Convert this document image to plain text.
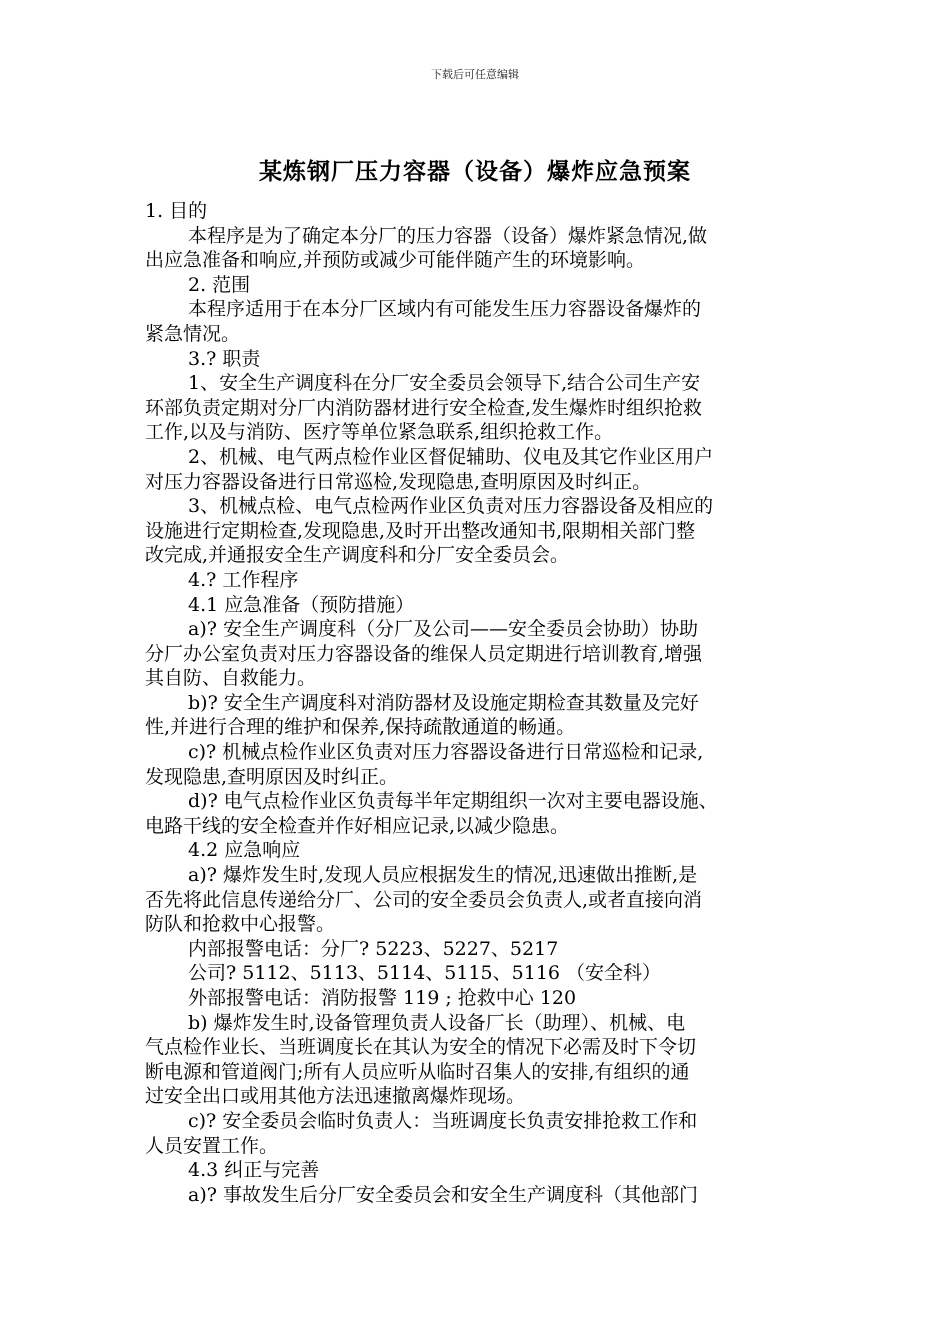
下载后可任意编辑
某炼钢厂压力容器（设备）爆炸应急预案

1. 目的

本程序是为了确定本分厂的压力容器（设备）爆炸紧急情况,做

出应急准备和响应,并预防或减少可能伴随产生的环境影响。

2. 范围

本程序适用于在本分厂区域内有可能发生压力容器设备爆炸的

紧急情况。

3.? 职责

1、安全生产调度科在分厂安全委员会领导下,结合公司生产安

环部负责定期对分厂内消防器材进行安全检查,发生爆炸时组织抢救

工作,以及与消防、医疗等单位紧急联系,组织抢救工作。

2、机械、电气两点检作业区督促辅助、仪电及其它作业区用户

对压力容器设备进行日常巡检,发现隐患,查明原因及时纠正。

3、机械点检、电气点检两作业区负责对压力容器设备及相应的

设施进行定期检查,发现隐患,及时开出整改通知书,限期相关部门整

改完成,并通报安全生产调度科和分厂安全委员会。

4.? 工作程序

4.1 应急准备（预防措施）

a)? 安全生产调度科（分厂及公司——安全委员会协助）协助

分厂办公室负责对压力容器设备的维保人员定期进行培训教育,增强

其自防、自救能力。

b)? 安全生产调度科对消防器材及设施定期检查其数量及完好

性,并进行合理的维护和保养,保持疏散通道的畅通。

c)? 机械点检作业区负责对压力容器设备进行日常巡检和记录,

发现隐患,查明原因及时纠正。

d)? 电气点检作业区负责每半年定期组织一次对主要电器设施、

电路干线的安全检查并作好相应记录,以减少隐患。

4.2 应急响应

a)? 爆炸发生时,发现人员应根据发生的情况,迅速做出推断,是

否先将此信息传递给分厂、公司的安全委员会负责人,或者直接向消

防队和抢救中心报警。

内部报警电话：分厂? 5223、5227、5217

公司? 5112、5113、5114、5115、5116 （安全科）

外部报警电话：消防报警 119 ; 抢救中心 120

b) 爆炸发生时,设备管理负责人设备厂长（助理）、机械、电

气点检作业长、当班调度长在其认为安全的情况下必需及时下令切

断电源和管道阀门;所有人员应听从临时召集人的安排,有组织的通

过安全出口或用其他方法迅速撤离爆炸现场。

c)? 安全委员会临时负责人：当班调度长负责安排抢救工作和

人员安置工作。

4.3 纠正与完善

a)? 事故发生后分厂安全委员会和安全生产调度科（其他部门
